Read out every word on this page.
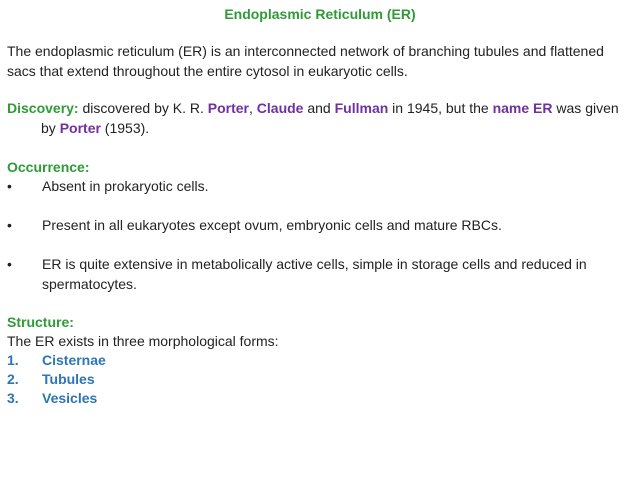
Endoplasmic Reticulum (ER)
The endoplasmic reticulum (ER) is an interconnected network of branching tubules and flattened sacs that extend throughout the entire cytosol in eukaryotic cells.
Discovery: discovered by K. R. Porter, Claude and Fullman in 1945, but the name ER was given
by Porter (1953).
Occurrence:
•	Absent in prokaryotic cells.
•	Present in all eukaryotes except ovum, embryonic cells and mature RBCs.
•	ER is quite extensive in metabolically active cells, simple in storage cells and reduced in spermatocytes.
Structure:
The ER exists in three morphological forms:
1.	Cisternae
2.	Tubules
3.	Vesicles
